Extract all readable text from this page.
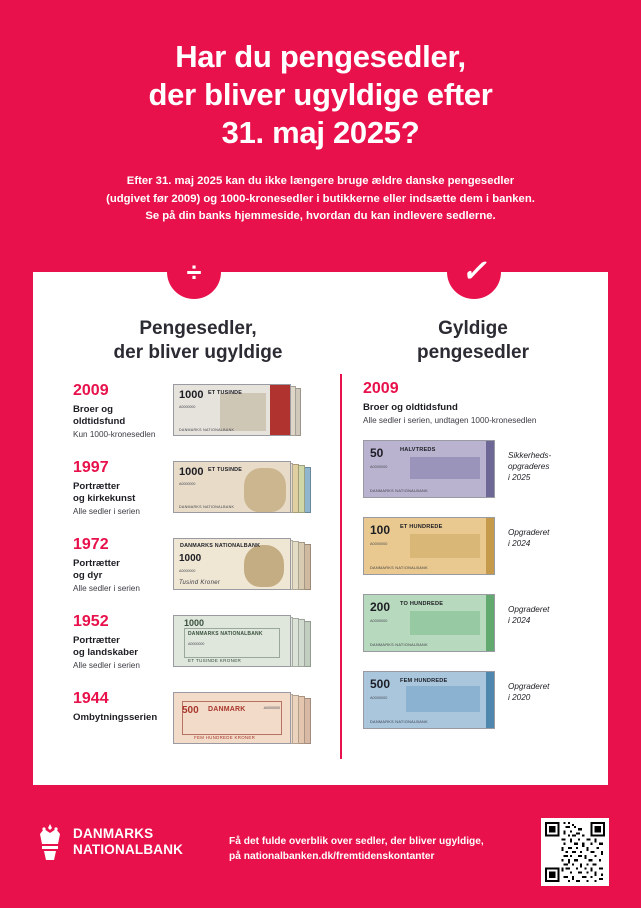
Har du pengesedler,
der bliver ugyldige efter
31. maj 2025?
Efter 31. maj 2025 kan du ikke længere bruge ældre danske pengesedler
(udgivet før 2009) og 1000-kronesedler i butikkerne eller indsætte dem i banken.
Se på din banks hjemmeside, hvordan du kan indlevere sedlerne.
÷	✓
Pengesedler,
der bliver ugyldige
Gyldige
pengesedler

2009

Broer og oldtidsfund
Kun 1000-kronesedlen
1000 ET TUSINDE
A0000000
DANMARKS NATIONALBANK

1997

Portrætter
og kirkekunst
Alle sedler i serien
1000 ET TUSINDE
A0000000
DANMARKS NATIONALBANK

1972

Portrætter
og dyr
Alle sedler i serien
DANMARKS NATIONALBANK
1000
A0000000
Tusind Kroner

1952

Portrætter
og landskaber
Alle sedler i serien
DANMARKS NATIONALBANK
1000
A0000000
ET TUSINDE KRONER

1944

Ombytningsserien
500 DANMARK	A0000000
FEM HUNDREDE KRONER

2009

Broer og oldtidsfund
Alle sedler i serien, undtagen 1000-kronesedlen
50	HALVTREDS
A0000000
DANMARKS NATIONALBANK
Sikkerheds-
opgraderes
i 2025
100 ET HUNDREDE
A0000000
DANMARKS NATIONALBANK
Opgraderet
i 2024
200 TO HUNDREDE
A0000000
DANMARKS NATIONALBANK
Opgraderet
i 2024
500 FEM HUNDREDE
A0000000
DANMARKS NATIONALBANK
Opgraderet
i 2020
DANMARKS
NATIONALBANK
Få det fulde overblik over sedler, der bliver ugyldige,
på nationalbanken.dk/fremtidenskontanter
